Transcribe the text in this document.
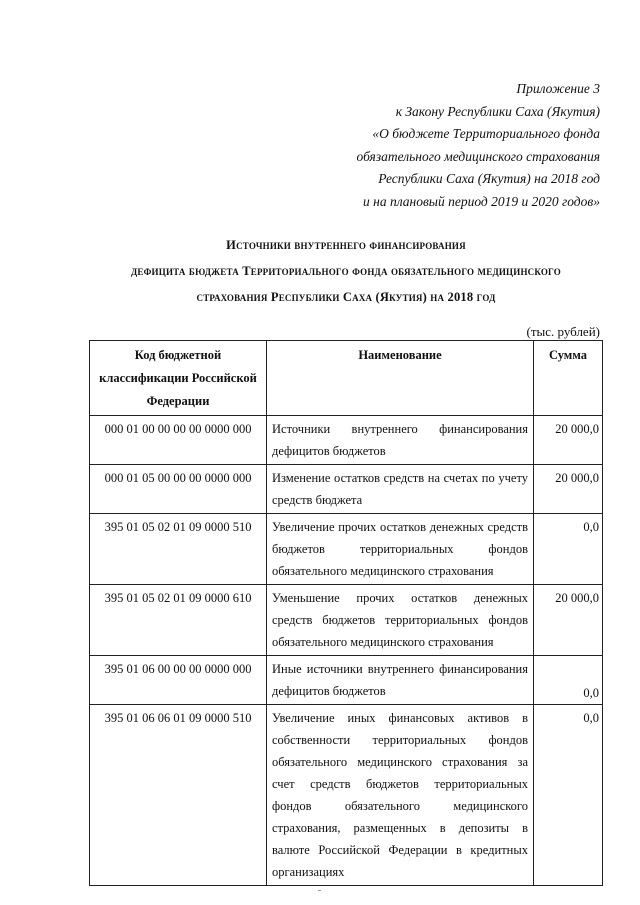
Приложение 3
к Закону Республики Саха (Якутия)
«О бюджете Территориального фонда
обязательного медицинского страхования
Республики Саха (Якутия) на 2018 год
и на плановый период 2019 и 2020 годов»
Источники внутреннего финансирования
дефицита бюджета Территориального фонда обязательного медицинского
страхования Республики Саха (Якутия) на 2018 год
(тыс. рублей)
Код бюджетной классификации Российской Федерации	Наименование	Сумма
000 01 00 00 00 00 0000 000	Источники внутреннего финансирования дефицитов бюджетов	20 000,0
000 01 05 00 00 00 0000 000	Изменение остатков средств на счетах по учету средств бюджета	20 000,0
395 01 05 02 01 09 0000 510	Увеличение прочих остатков денежных средств бюджетов территориальных фондов обязательного медицинского страхования	0,0
395 01 05 02 01 09 0000 610	Уменьшение прочих остатков денежных средств бюджетов территориальных фондов обязательного медицинского страхования	20 000,0
395 01 06 00 00 00 0000 000	Иные источники внутреннего финансирования дефицитов бюджетов	0,0
395 01 06 06 01 09 0000 510	Увеличение иных финансовых активов в собственности территориальных фондов обязательного медицинского страхования за счет средств бюджетов территориальных фондов обязательного медицинского страхования, размещенных в депозиты в валюте Российской Федерации в кредитных организациях	0,0
